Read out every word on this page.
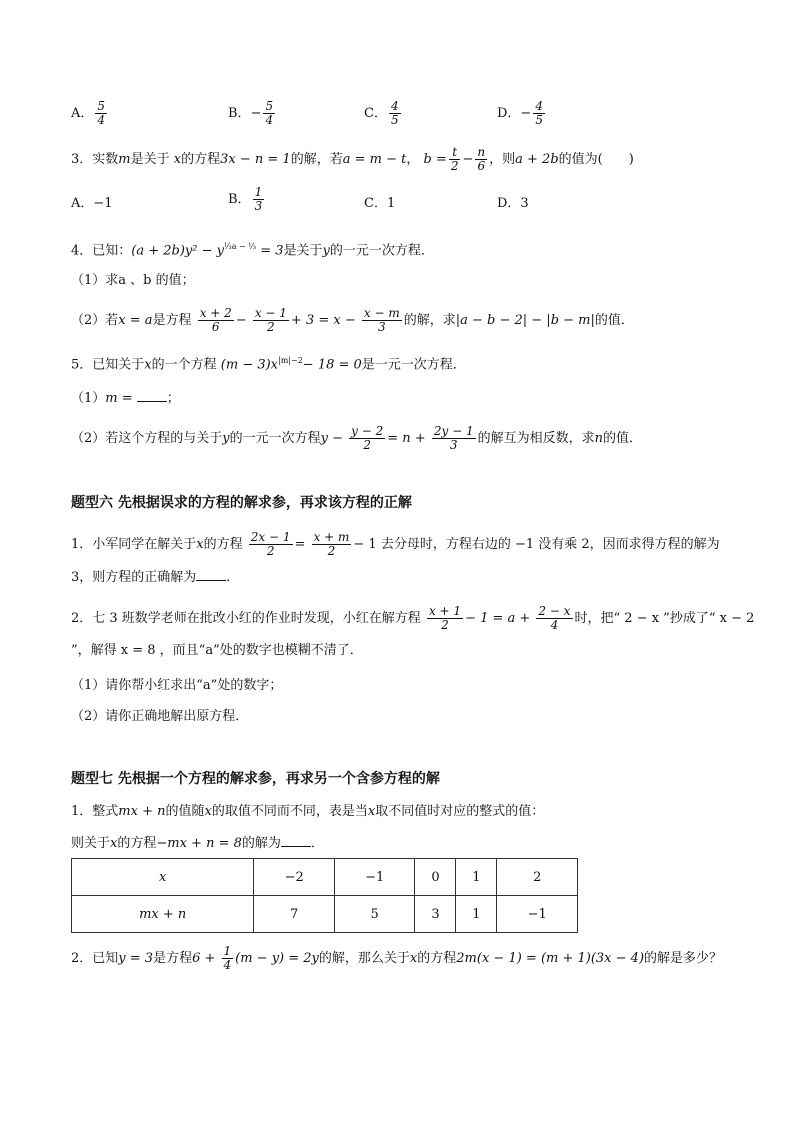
A． $\frac{5}{4}$	B．− $\frac{5}{4}$	C． $\frac{4}{5}$	D．− $\frac{4}{5}$
3．实数m是关于 x的方程3x − n = 1的解，若a = m − t， $b = \frac{t}{2} - \frac{n}{6}$ ，则a + 2b的值为(　　)
A．−1	B． $\frac{1}{3}$	C．1	D．3
4．已知：$(a + 2b)y^2 - y^{\frac{1}{3}a - \frac{1}{3}} = 3$是关于y的一元一次方程．
（1）求a 、b 的值；
（2）若x = a是方程 $\frac{x + 2}{6} - \frac{x - 1}{2} + 3 = x - \frac{x - m}{3}$ 的解，求|a − b − 2| − |b − m|的值．
5．已知关于x的一个方程 $(m - 3)x^{|m|-2}- 18 = 0$是一元一次方程．
（1）m =	；
（2）若这个方程的与关于y的一元一次方程$y - \frac{y - 2}{2} = n + \frac{2y - 1}{3}$ 的解互为相反数，求n的值．
题型六 先根据误求的方程的解求参，再求该方程的正解
1．小军同学在解关于x的方程 $\frac{2x - 1}{2} = \frac{x + m}{2} - 1$ 去分母时，方程右边的 −1 没有乘 2，因而求得方程的解为
3，则方程的正确解为 ．
2．七 3 班数学老师在批改小红的作业时发现，小红在解方程 $\frac{x + 1}{2} - 1 = a + \frac{2 - x}{4}$ 时，把“ 2 − x ”抄成了“ x − 2
”，解得 x = 8 ，而且“a”处的数字也模糊不清了．
（1）请你帮小红求出“a”处的数字；
（2）请你正确地解出原方程．
题型七 先根据一个方程的解求参，再求另一个含参方程的解
1．整式mx + n的值随x的取值不同而不同，表是当x取不同值时对应的整式的值：
则关于x的方程−mx + n = 8的解为 ．
x	−2	−1	0	1	2
mx + n	7	5	3	1	−1
2．已知y = 3是方程$6 + \frac{1}{4} (m - y) = 2y$的解，那么关于x的方程2m(x − 1) = (m + 1)(3x − 4)的解是多少？
